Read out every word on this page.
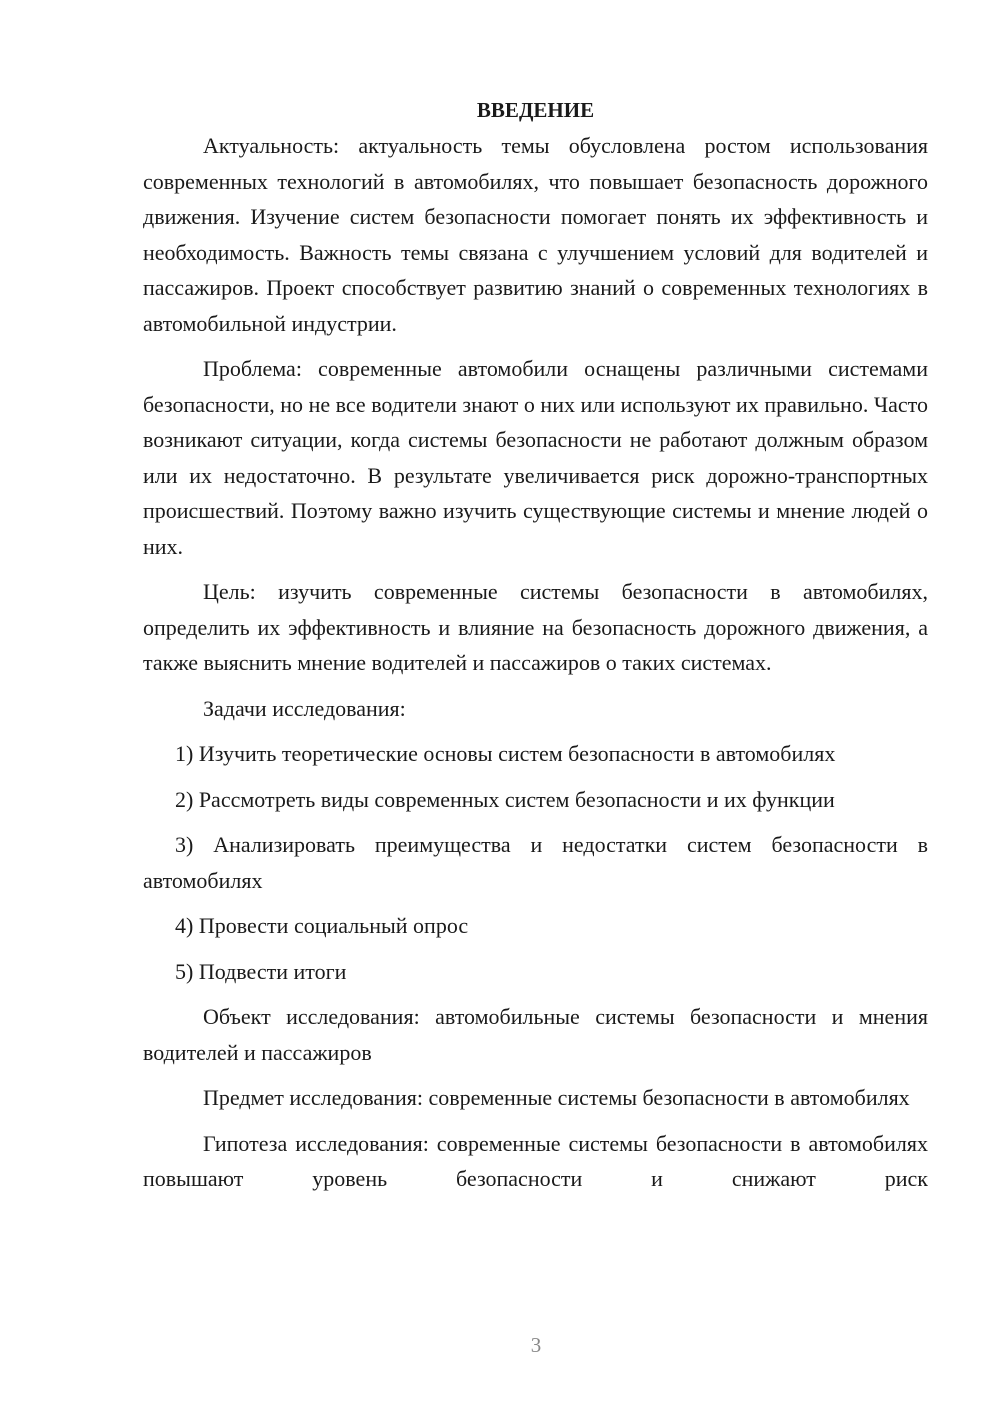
ВВЕДЕНИЕ
Актуальность: актуальность темы обусловлена ростом использования современных технологий в автомобилях, что повышает безопасность дорожного движения. Изучение систем безопасности помогает понять их эффективность и необходимость. Важность темы связана с улучшением условий для водителей и пассажиров. Проект способствует развитию знаний о современных технологиях в автомобильной индустрии.
Проблема: современные автомобили оснащены различными системами безопасности, но не все водители знают о них или используют их правильно. Часто возникают ситуации, когда системы безопасности не работают должным образом или их недостаточно. В результате увеличивается риск дорожно-транспортных происшествий. Поэтому важно изучить существующие системы и мнение людей о них.
Цель: изучить современные системы безопасности в автомобилях, определить их эффективность и влияние на безопасность дорожного движения, а также выяснить мнение водителей и пассажиров о таких системах.
Задачи исследования:
1) Изучить теоретические основы систем безопасности в автомобилях
2) Рассмотреть виды современных систем безопасности и их функции
3) Анализировать преимущества и недостатки систем безопасности в автомобилях
4) Провести социальный опрос
5) Подвести итоги
Объект исследования: автомобильные системы безопасности и мнения водителей и пассажиров
Предмет исследования: современные системы безопасности в автомобилях
Гипотеза исследования: современные системы безопасности в автомобилях повышают уровень безопасности и снижают риск
3
